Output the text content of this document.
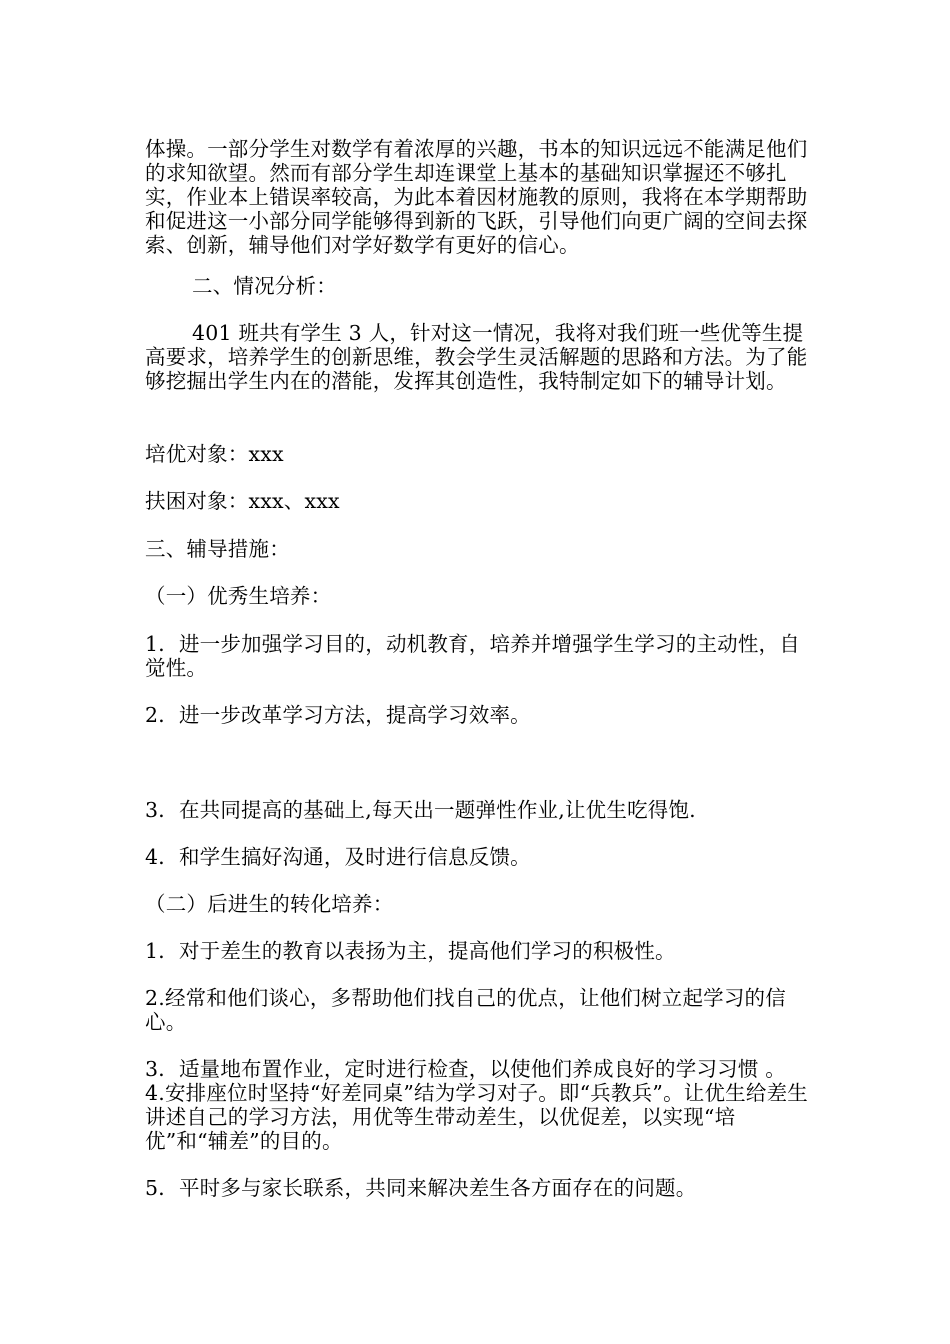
体操。一部分学生对数学有着浓厚的兴趣，书本的知识远远不能满足他们的求知欲望。然而有部分学生却连课堂上基本的基础知识掌握还不够扎实，作业本上错误率较高，为此本着因材施教的原则，我将在本学期帮助和促进这一小部分同学能够得到新的飞跃，引导他们向更广阔的空间去探索、创新，辅导他们对学好数学有更好的信心。

二、情况分析：

401 班共有学生 3 人，针对这一情况，我将对我们班一些优等生提高要求，培养学生的创新思维，教会学生灵活解题的思路和方法。为了能够挖掘出学生内在的潜能，发挥其创造性，我特制定如下的辅导计划。

培优对象：xxx

扶困对象：xxx、xxx

三、辅导措施：

（一）优秀生培养：

1．进一步加强学习目的，动机教育，培养并增强学生学习的主动性，自觉性。

2．进一步改革学习方法，提高学习效率。

3．在共同提高的基础上,每天出一题弹性作业,让优生吃得饱.

4．和学生搞好沟通，及时进行信息反馈。

（二）后进生的转化培养：

1．对于差生的教育以表扬为主，提高他们学习的积极性。

2.经常和他们谈心，多帮助他们找自己的优点，让他们树立起学习的信心。

3．适量地布置作业，定时进行检查，以使他们养成良好的学习习惯 。

4.安排座位时坚持“好差同桌”结为学习对子。即“兵教兵”。让优生给差生讲述自己的学习方法，用优等生带动差生，以优促差，以实现“培优”和“辅差”的目的。

5．平时多与家长联系，共同来解决差生各方面存在的问题。
